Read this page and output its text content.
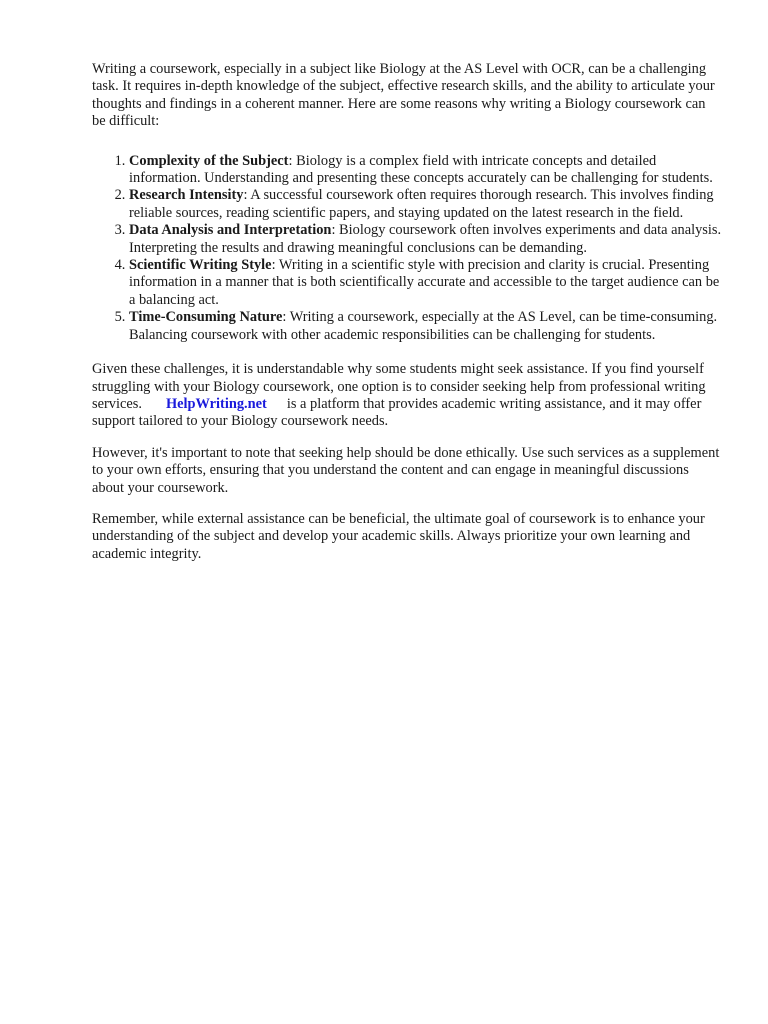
Writing a coursework, especially in a subject like Biology at the AS Level with OCR, can be a challenging task. It requires in-depth knowledge of the subject, effective research skills, and the ability to articulate your thoughts and findings in a coherent manner. Here are some reasons why writing a Biology coursework can be difficult:

1. Complexity of the Subject: Biology is a complex field with intricate concepts and detailed information. Understanding and presenting these concepts accurately can be challenging for students.
2. Research Intensity: A successful coursework often requires thorough research. This involves finding reliable sources, reading scientific papers, and staying updated on the latest research in the field.
3. Data Analysis and Interpretation: Biology coursework often involves experiments and data analysis. Interpreting the results and drawing meaningful conclusions can be demanding.
4. Scientific Writing Style: Writing in a scientific style with precision and clarity is crucial. Presenting information in a manner that is both scientifically accurate and accessible to the target audience can be a balancing act.
5. Time-Consuming Nature: Writing a coursework, especially at the AS Level, can be time-consuming. Balancing coursework with other academic responsibilities can be challenging for students.

Given these challenges, it is understandable why some students might seek assistance. If you find yourself struggling with your Biology coursework, one option is to consider seeking help from professional writing services. HelpWriting.net is a platform that provides academic writing assistance, and it may offer support tailored to your Biology coursework needs.

However, it's important to note that seeking help should be done ethically. Use such services as a supplement to your own efforts, ensuring that you understand the content and can engage in meaningful discussions about your coursework.

Remember, while external assistance can be beneficial, the ultimate goal of coursework is to enhance your understanding of the subject and develop your academic skills. Always prioritize your own learning and academic integrity.
